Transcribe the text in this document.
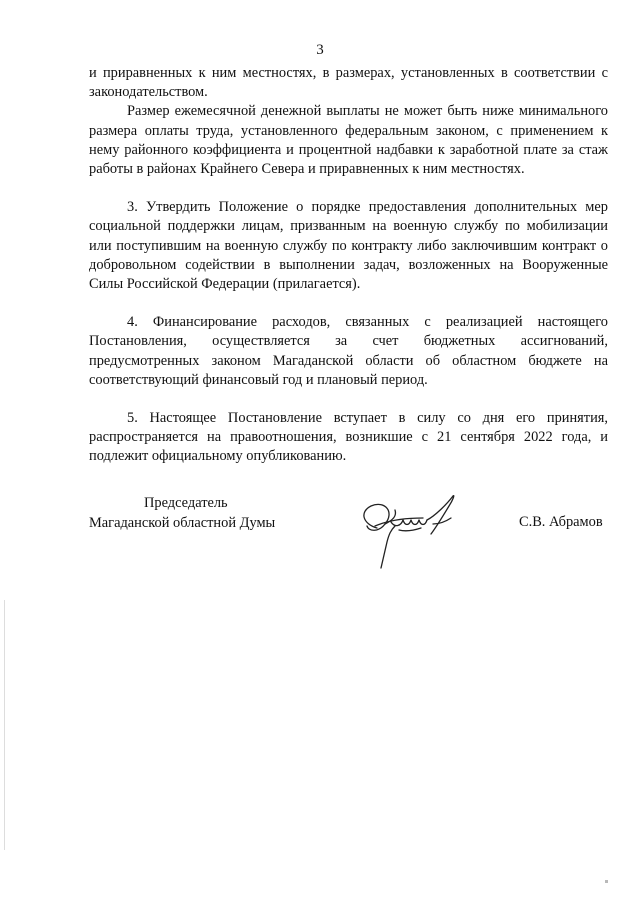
3

и приравненных к ним местностях, в размерах, установленных в соответствии с законодательством.

Размер ежемесячной денежной выплаты не может быть ниже минимального размера оплаты труда, установленного федеральным законом, с применением к нему районного коэффициента и процентной надбавки к заработной плате за стаж работы в районах Крайнего Севера и приравненных к ним местностях.

3. Утвердить Положение о порядке предоставления дополнительных мер социальной поддержки лицам, призванным на военную службу по мобилизации или поступившим на военную службу по контракту либо заключившим контракт о добровольном содействии в выполнении задач, возложенных на Вооруженные Силы Российской Федерации (прилагается).

4. Финансирование расходов, связанных с реализацией настоящего Постановления, осуществляется за счет бюджетных ассигнований, предусмотренных законом Магаданской области об областном бюджете на соответствующий финансовый год и плановый период.

5. Настоящее Постановление вступает в силу со дня его принятия, распространяется на правоотношения, возникшие с 21 сентября 2022 года, и подлежит официальному опубликованию.

Председатель
Магаданской областной Думы	С.В. Абрамов
